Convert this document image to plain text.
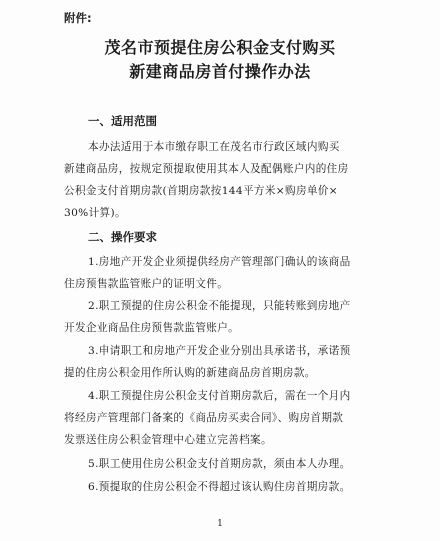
附件:
茂名市预提住房公积金支付购买
新建商品房首付操作办法
一、适用范围
本办法适用于本市缴存职工在茂名市行政区域内购买
新建商品房，按规定预提取使用其本人及配偶账户内的住房
公积金支付首期房款(首期房款按144平方米×购房单价×
30%计算)。
二、操作要求
1.房地产开发企业须提供经房产管理部门确认的该商品
住房预售款监管账户的证明文件。
2.职工预提的住房公积金不能提现，只能转账到房地产
开发企业商品住房预售款监管账户。
3.申请职工和房地产开发企业分别出具承诺书，承诺预
提的住房公积金用作所认购的新建商品房首期房款。
4.职工预提住房公积金支付首期房款后，需在一个月内
将经房产管理部门备案的《商品房买卖合同》、购房首期款
发票送住房公积金管理中心建立完善档案。
5.职工使用住房公积金支付首期房款，须由本人办理。
6.预提取的住房公积金不得超过该认购住房首期房款。
1
